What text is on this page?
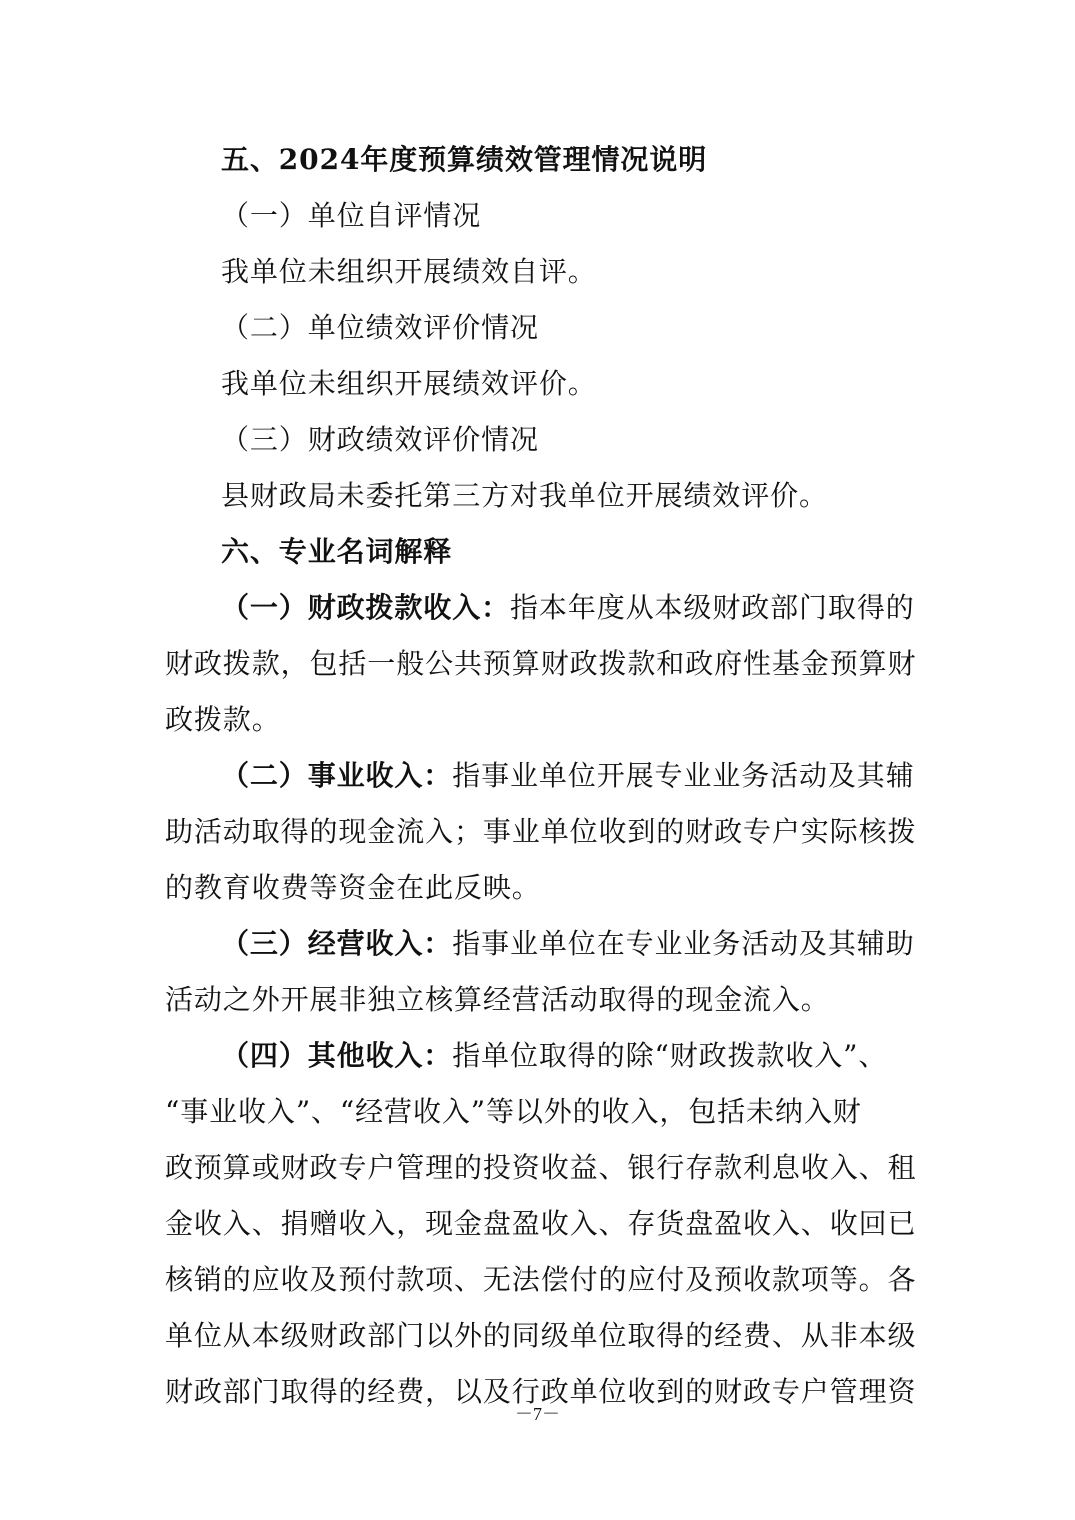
五、2024年度预算绩效管理情况说明
（一）单位自评情况
我单位未组织开展绩效自评。
（二）单位绩效评价情况
我单位未组织开展绩效评价。
（三）财政绩效评价情况
县财政局未委托第三方对我单位开展绩效评价。
六、专业名词解释
（一）财政拨款收入：指本年度从本级财政部门取得的
财政拨款，包括一般公共预算财政拨款和政府性基金预算财
政拨款。
（二）事业收入：指事业单位开展专业业务活动及其辅
助活动取得的现金流入；事业单位收到的财政专户实际核拨
的教育收费等资金在此反映。
（三）经营收入：指事业单位在专业业务活动及其辅助
活动之外开展非独立核算经营活动取得的现金流入。
（四）其他收入：指单位取得的除“财政拨款收入”、
“事业收入”、“经营收入”等以外的收入，包括未纳入财
政预算或财政专户管理的投资收益、银行存款利息收入、租
金收入、捐赠收入，现金盘盈收入、存货盘盈收入、收回已
核销的应收及预付款项、无法偿付的应付及预收款项等。各
单位从本级财政部门以外的同级单位取得的经费、从非本级
财政部门取得的经费，以及行政单位收到的财政专户管理资
－7－
